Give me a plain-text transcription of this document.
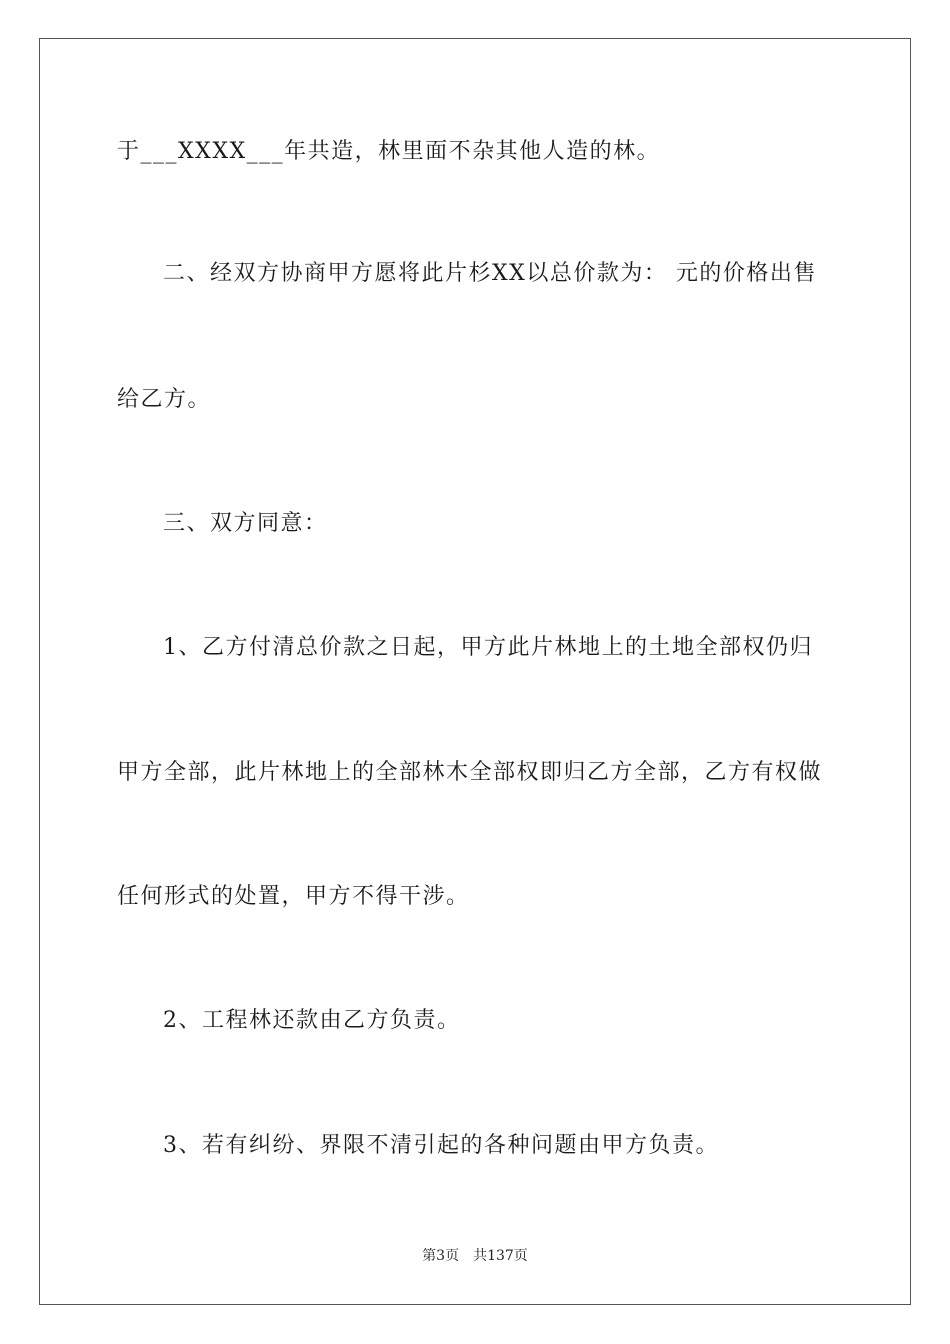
于___XXXX___年共造，林里面不杂其他人造的林。
二、经双方协商甲方愿将此片杉XX以总价款为： 元的价格出售
给乙方。
三、双方同意：
1、乙方付清总价款之日起，甲方此片林地上的土地全部权仍归
甲方全部，此片林地上的全部林木全部权即归乙方全部，乙方有权做
任何形式的处置，甲方不得干涉。
2、工程林还款由乙方负责。
3、若有纠纷、界限不清引起的各种问题由甲方负责。
第3页　共137页
